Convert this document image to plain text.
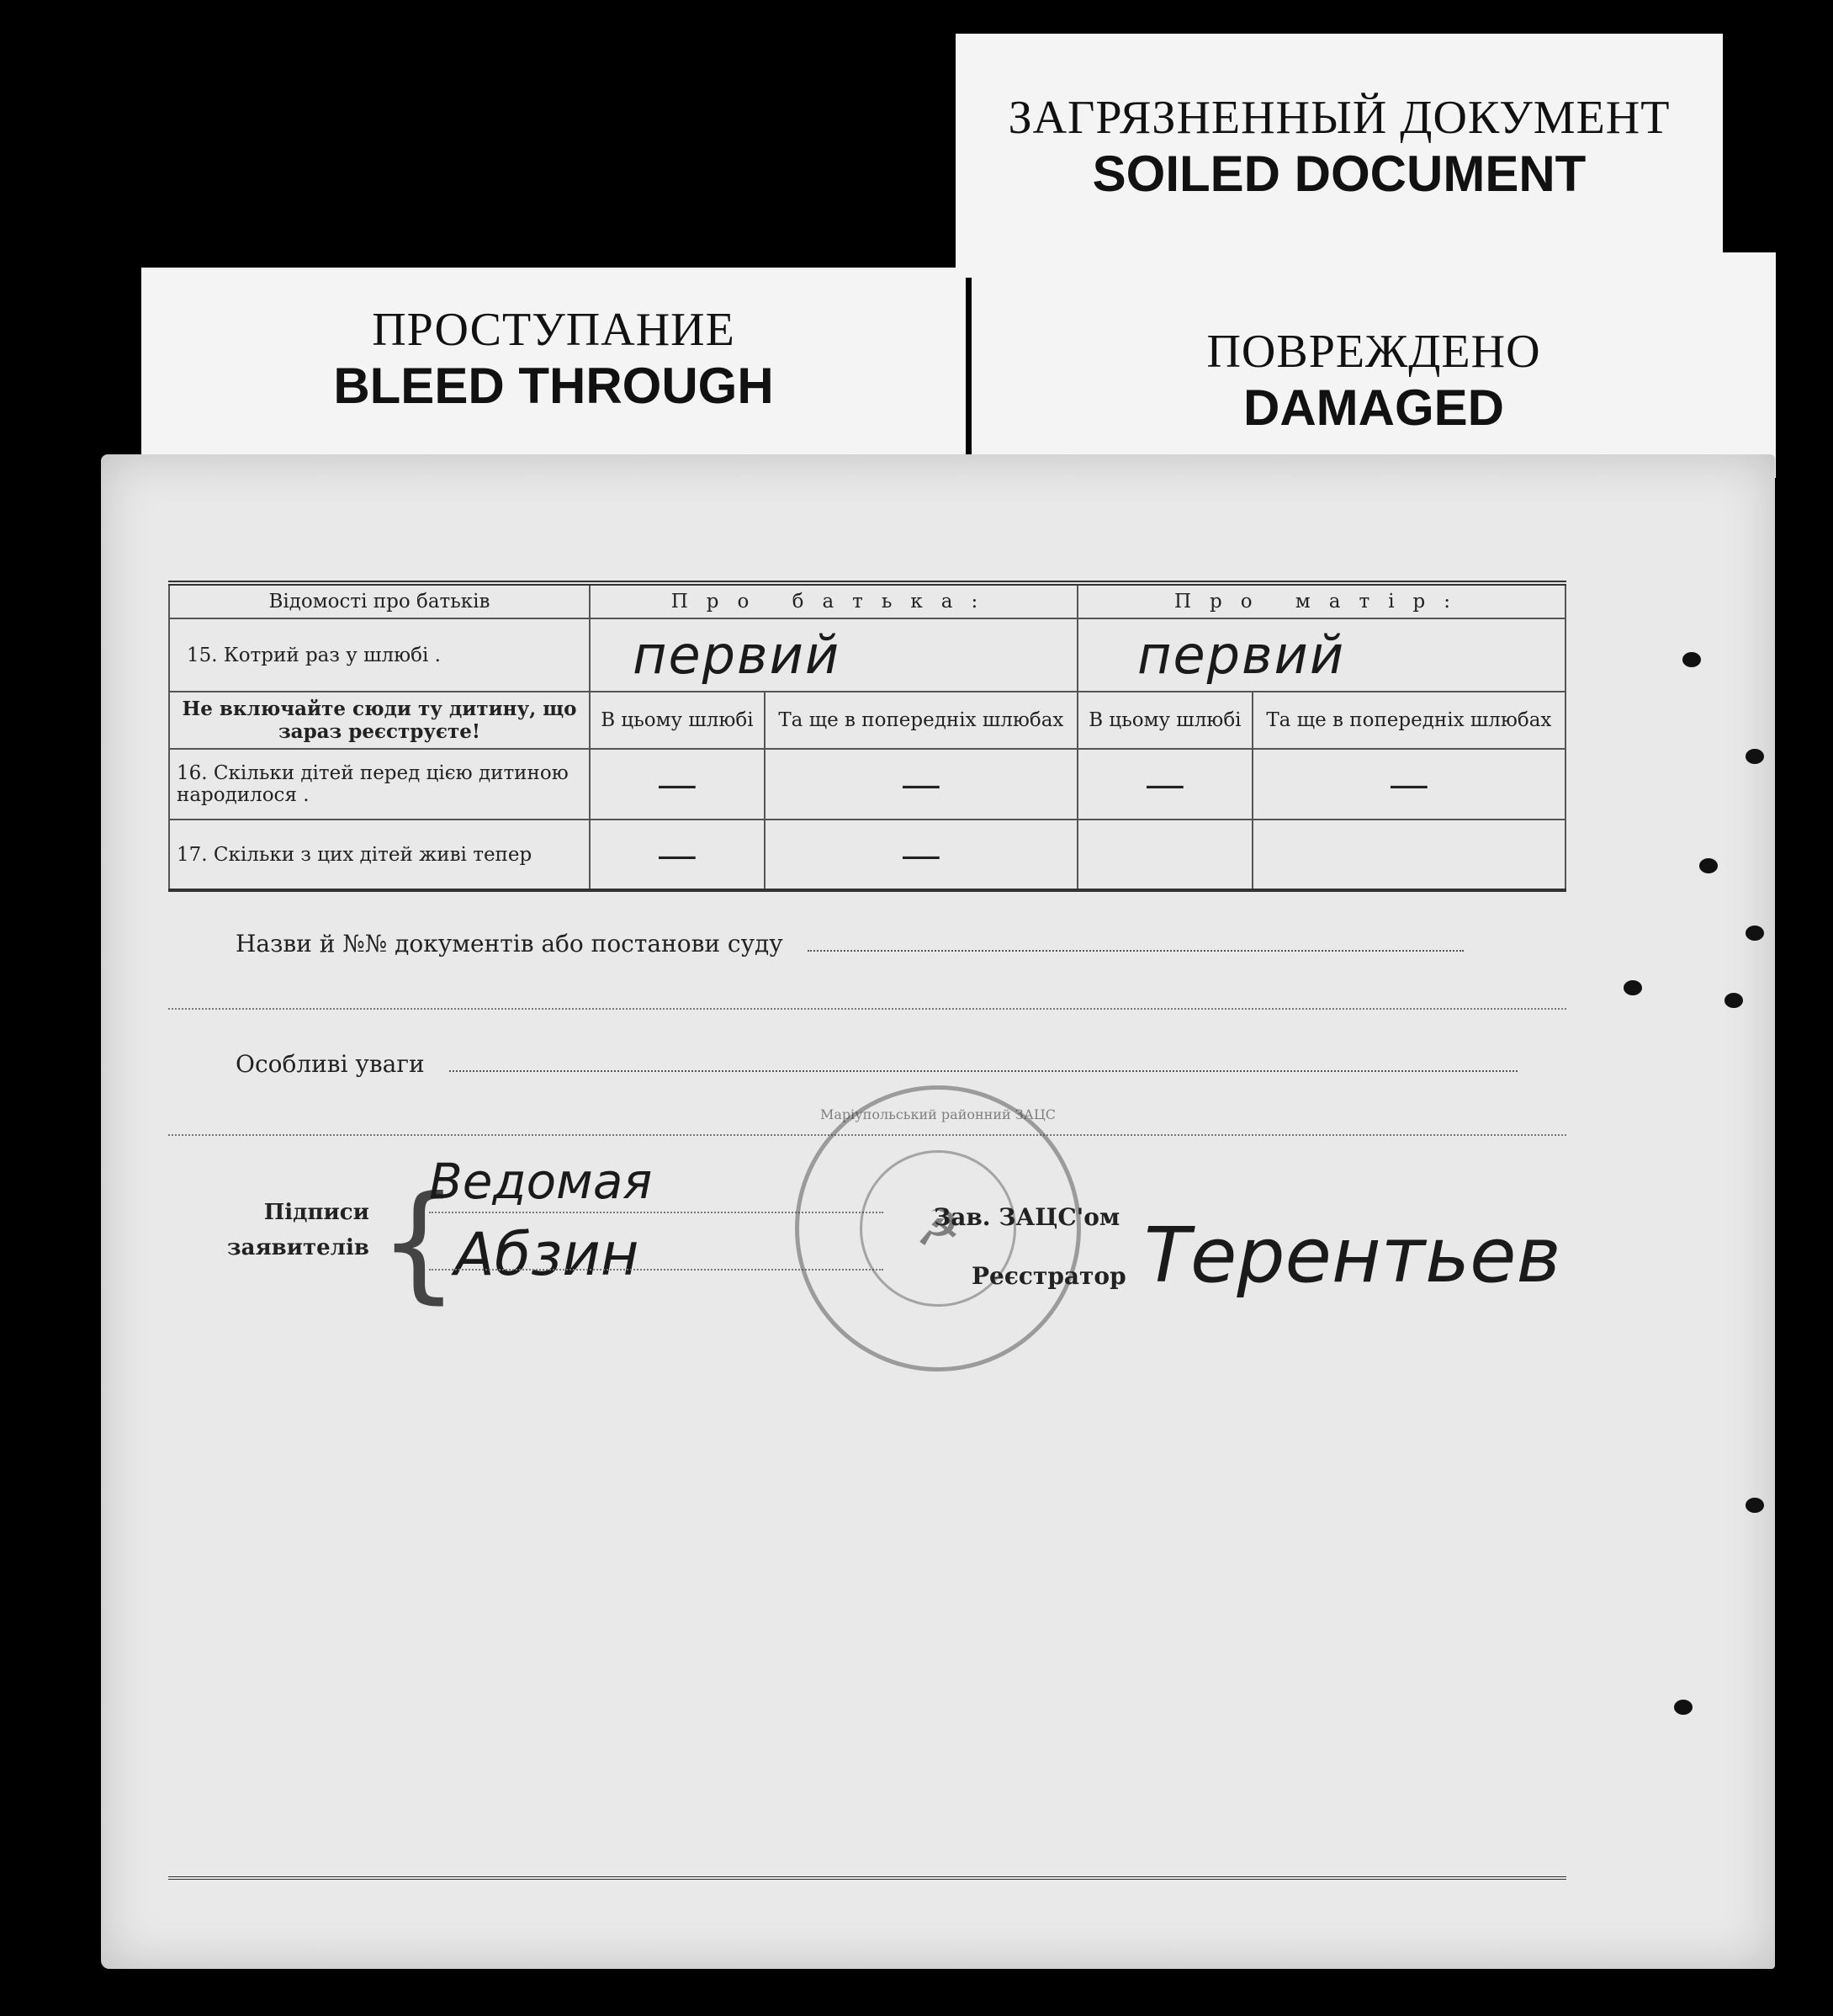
ЗАГРЯЗНЕННЫЙ ДОКУМЕНТ
SOILED DOCUMENT
ПРОСТУПАНИЕ
BLEED THROUGH
ПОВРЕЖДЕНО
DAMAGED
Відомості про батьків	Про батька:		Про матір:	
15. Котрий раз у шлюбі .	первий		первий	
Не включайте сюди ту дитину, що зараз реєструєте!	В цьому шлюбі	Та ще в попередніх шлюбах	В цьому шлюбі	Та ще в попередніх шлюбах
16. Скільки дітей перед цією дитиною народилося .	—	—	—	—
17. Скільки з цих дітей живі тепер	—	—		
Назви й №№ документів або постанови суду
Особливі уваги
Підписи
заявителів {
Ведомая
Абзин
Маріупольський районний ЗАЦС
☭
Зав. ЗАЦС'ом
Реєстратор Терентьев
